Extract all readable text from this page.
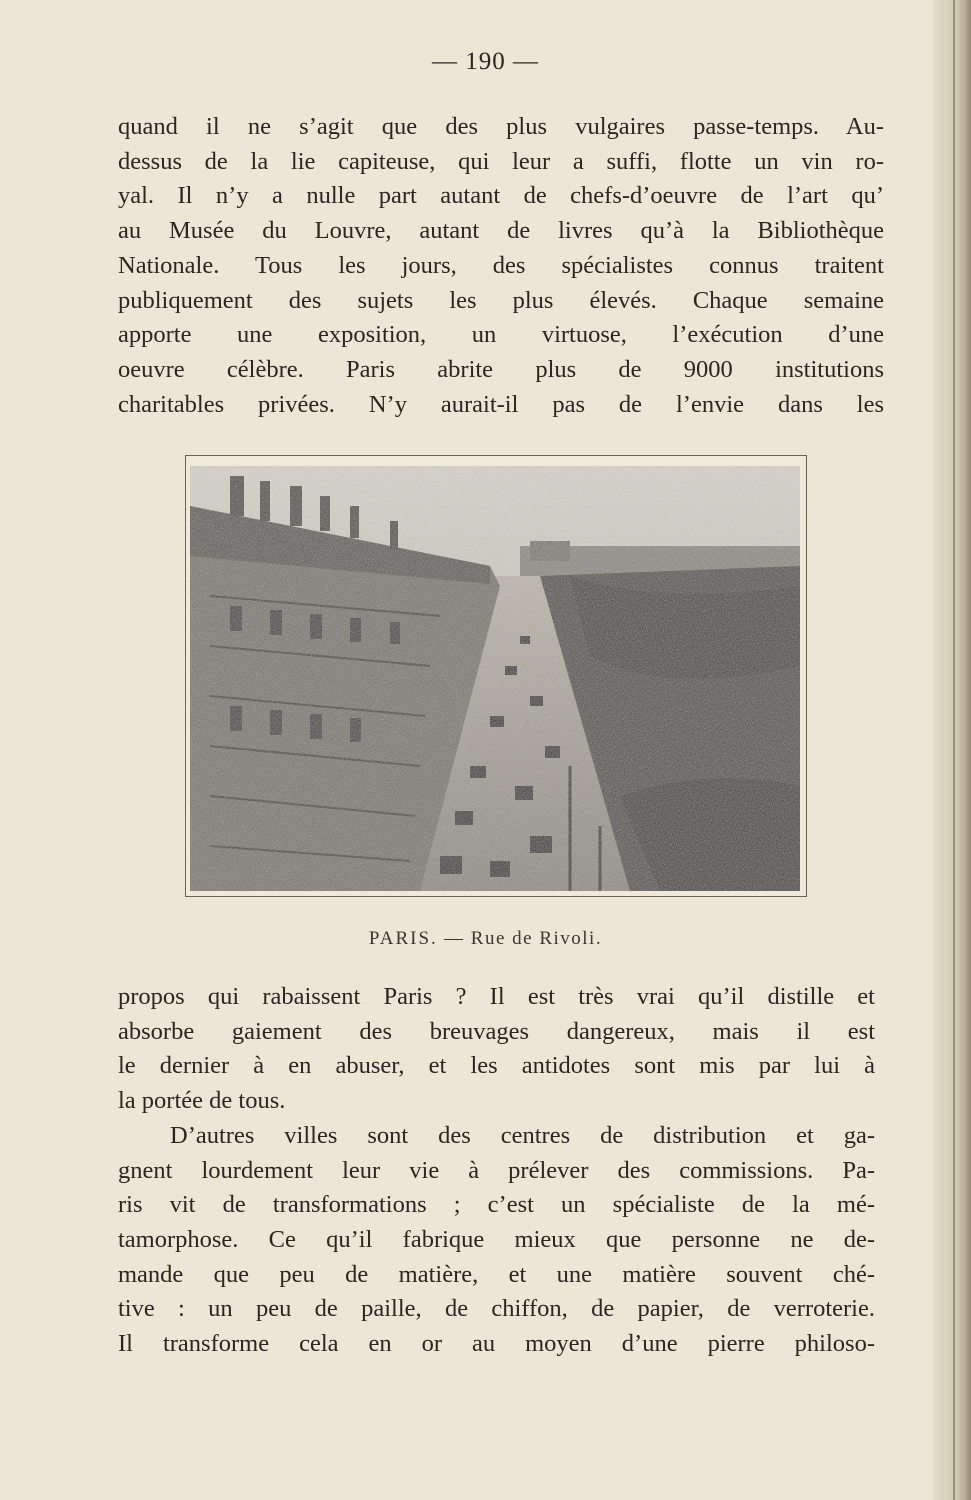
— 190 —

quand il ne s’agit que des plus vulgaires passe-temps. Au-
dessus de la lie capiteuse, qui leur a suffi, flotte un vin ro-
yal. Il n’y a nulle part autant de chefs-d’oeuvre de l’art qu’
au Musée du Louvre, autant de livres qu’à la Bibliothèque
Nationale. Tous les jours, des spécialistes connus traitent
publiquement des sujets les plus élevés. Chaque semaine
apporte une exposition, un virtuose, l’exécution d’une
oeuvre célèbre. Paris abrite plus de 9000 institutions
charitables privées. N’y aurait-il pas de l’envie dans les

PARIS. — Rue de Rivoli.

propos qui rabaissent Paris ? Il est très vrai qu’il distille et
absorbe gaiement des breuvages dangereux, mais il est
le dernier à en abuser, et les antidotes sont mis par lui à
la portée de tous.

D’autres villes sont des centres de distribution et ga-
gnent lourdement leur vie à prélever des commissions. Pa-
ris vit de transformations ; c’est un spécialiste de la mé-
tamorphose. Ce qu’il fabrique mieux que personne ne de-
mande que peu de matière, et une matière souvent ché-
tive : un peu de paille, de chiffon, de papier, de verroterie.
Il transforme cela en or au moyen d’une pierre philoso-
